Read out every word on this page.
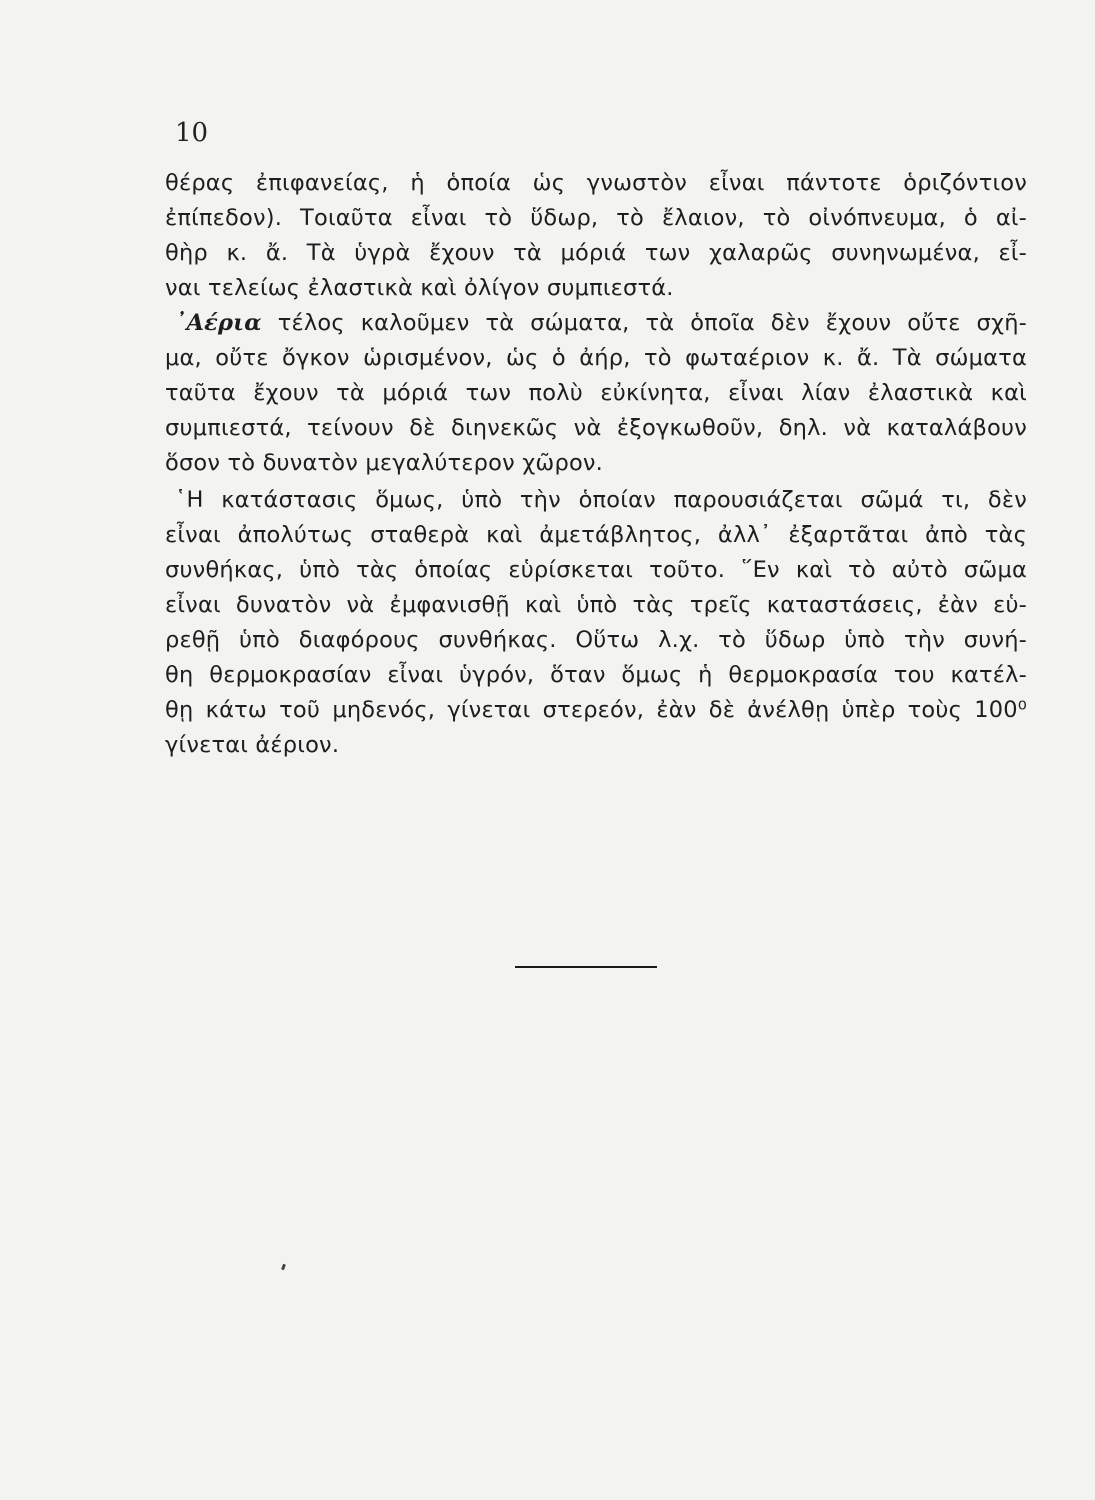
10
θέρας ἐπιφανείας, ἡ ὁποία ὡς γνωστὸν εἶναι πάντοτε ὁριζόντιον
ἐπίπεδον). Τοιαῦτα εἶναι τὸ ὕδωρ, τὸ ἔλαιον, τὸ οἰνόπνευμα, ὁ αἰ-
θὴρ κ. ἄ. Τὰ ὑγρὰ ἔχουν τὰ μόριά των χαλαρῶς συνηνωμένα, εἶ-
ναι τελείως ἐλαστικὰ καὶ ὀλίγον συμπιεστά.
᾿Αέρια τέλος καλοῦμεν τὰ σώματα, τὰ ὁποῖα δὲν ἔχουν οὔτε σχῆ-
μα, οὔτε ὄγκον ὡρισμένον, ὡς ὁ ἀήρ, τὸ φωταέριον κ. ἄ. Τὰ σώματα
ταῦτα ἔχουν τὰ μόριά των πολὺ εὐκίνητα, εἶναι λίαν ἐλαστικὰ καὶ
συμπιεστά, τείνουν δὲ διηνεκῶς νὰ ἐξογκωθοῦν, δηλ. νὰ καταλάβουν
ὅσον τὸ δυνατὸν μεγαλύτερον χῶρον.
῾Η κατάστασις ὅμως, ὑπὸ τὴν ὁποίαν παρουσιάζεται σῶμά τι, δὲν
εἶναι ἀπολύτως σταθερὰ καὶ ἀμετάβλητος, ἀλλ᾽ ἐξαρτᾶται ἀπὸ τὰς
συνθήκας, ὑπὸ τὰς ὁποίας εὑρίσκεται τοῦτο. ῞Εν καὶ τὸ αὐτὸ σῶμα
εἶναι δυνατὸν νὰ ἐμφανισθῇ καὶ ὑπὸ τὰς τρεῖς καταστάσεις, ἐὰν εὑ-
ρεθῇ ὑπὸ διαφόρους συνθήκας. Οὕτω λ.χ. τὸ ὕδωρ ὑπὸ τὴν συνή-
θη θερμοκρασίαν εἶναι ὑγρόν, ὅταν ὅμως ἡ θερμοκρασία του κατέλ-
θῃ κάτω τοῦ μηδενός, γίνεται στερεόν, ἐὰν δὲ ἀνέλθῃ ὑπὲρ τοὺς 100⁰
γίνεται ἀέριον.
